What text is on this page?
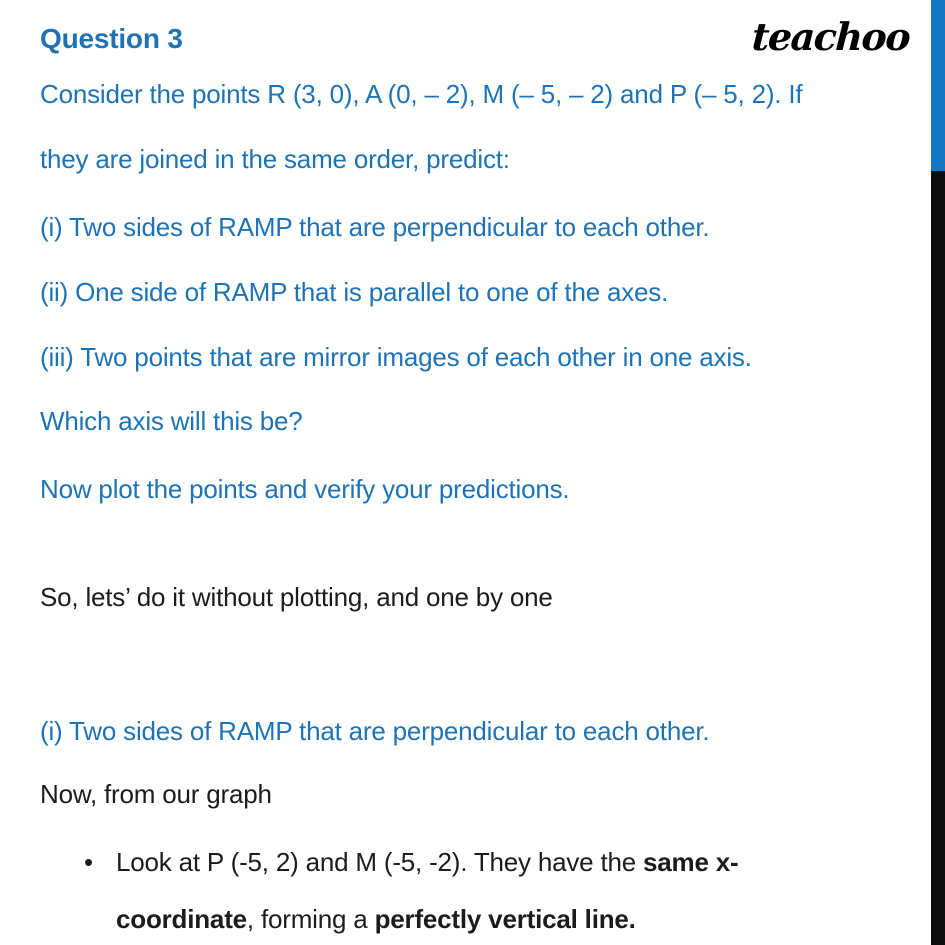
teachoo
Question 3
Consider the points R (3, 0), A (0, – 2), M (– 5, – 2) and P (– 5, 2). If
they are joined in the same order, predict:
(i) Two sides of RAMP that are perpendicular to each other.
(ii) One side of RAMP that is parallel to one of the axes.
(iii) Two points that are mirror images of each other in one axis.
Which axis will this be?
Now plot the points and verify your predictions.
So, lets’ do it without plotting, and one by one
(i) Two sides of RAMP that are perpendicular to each other.
Now, from our graph
• Look at P (-5, 2) and M (-5, -2). They have the same x-
coordinate, forming a perfectly vertical line.
